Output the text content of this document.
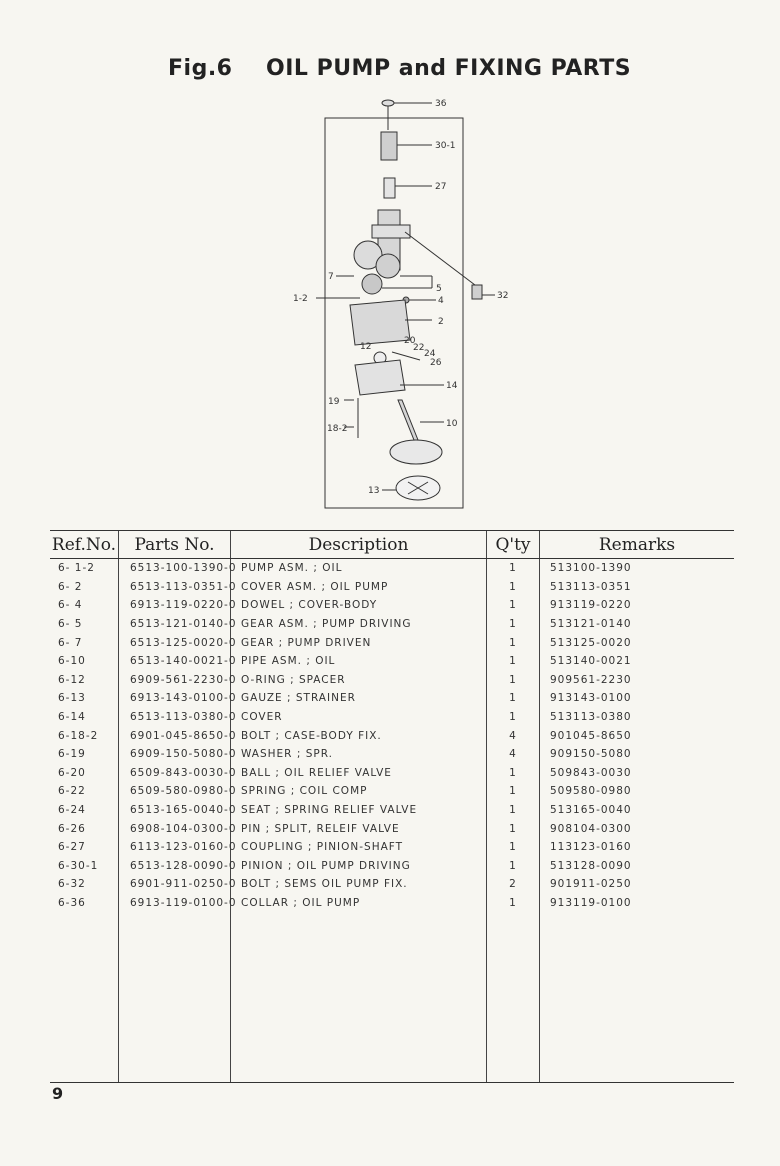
Fig.6 OIL PUMP and FIXING PARTS
36
30-1
27
32
7
5
4
2
1-2
12
20
22
24
26
14
19
10
18-2
13
Ref.No.	Parts No.	Description	Q'ty	Remarks
6- 1-2	6513-100-1390-0	PUMP ASM. ; OIL	1	513100-1390
6- 2	6513-113-0351-0	COVER ASM. ; OIL PUMP	1	513113-0351
6- 4	6913-119-0220-0	DOWEL ; COVER-BODY	1	913119-0220
6- 5	6513-121-0140-0	GEAR ASM. ; PUMP DRIVING	1	513121-0140
6- 7	6513-125-0020-0	GEAR ; PUMP DRIVEN	1	513125-0020
6-10	6513-140-0021-0	PIPE ASM. ; OIL	1	513140-0021
6-12	6909-561-2230-0	O-RING ; SPACER	1	909561-2230
6-13	6913-143-0100-0	GAUZE ; STRAINER	1	913143-0100
6-14	6513-113-0380-0	COVER	1	513113-0380
6-18-2	6901-045-8650-0	BOLT ; CASE-BODY FIX.	4	901045-8650
6-19	6909-150-5080-0	WASHER ; SPR.	4	909150-5080
6-20	6509-843-0030-0	BALL ; OIL RELIEF VALVE	1	509843-0030
6-22	6509-580-0980-0	SPRING ; COIL COMP	1	509580-0980
6-24	6513-165-0040-0	SEAT ; SPRING RELIEF VALVE	1	513165-0040
6-26	6908-104-0300-0	PIN ; SPLIT, RELEIF VALVE	1	908104-0300
6-27	6113-123-0160-0	COUPLING ; PINION-SHAFT	1	113123-0160
6-30-1	6513-128-0090-0	PINION ; OIL PUMP DRIVING	1	513128-0090
6-32	6901-911-0250-0	BOLT ; SEMS OIL PUMP FIX.	2	901911-0250
6-36	6913-119-0100-0	COLLAR ; OIL PUMP	1	913119-0100

9
